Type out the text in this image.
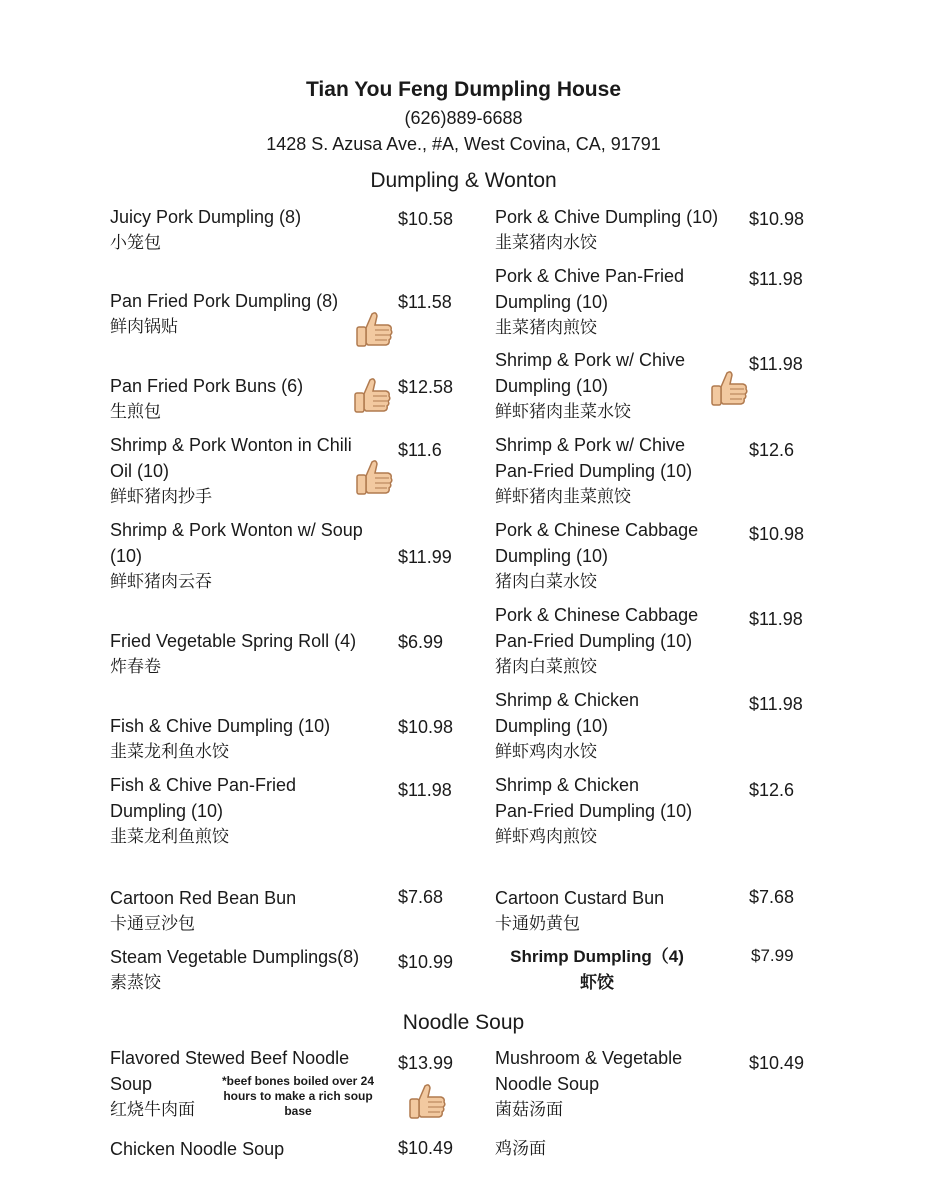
Tian You Feng Dumpling House
(626)889-6688
1428 S. Azusa Ave., #A, West Covina, CA, 91791
Dumpling & Wonton
Juicy Pork Dumpling (8)
小笼包
$10.58
Pan Fried Pork Dumpling (8)
鲜肉锅贴
$11.58
Pan Fried Pork Buns (6)
生煎包
$12.58
Shrimp & Pork Wonton in Chili
Oil (10)
鲜虾猪肉抄手
$11.6
Shrimp & Pork Wonton w/ Soup
(10)
鲜虾猪肉云吞
$11.99
Fried Vegetable Spring Roll (4)
炸春卷
$6.99
Fish & Chive Dumpling (10)
韭菜龙利鱼水饺
$10.98
Fish & Chive Pan-Fried
Dumpling (10)
韭菜龙利鱼煎饺
$11.98
Cartoon Red Bean Bun
卡通豆沙包
$7.68
Steam Vegetable Dumplings(8)
素蒸饺
$10.99
Pork & Chive Dumpling (10)
韭菜猪肉水饺
$10.98
Pork & Chive Pan-Fried
Dumpling (10)
韭菜猪肉煎饺
$11.98
Shrimp & Pork w/ Chive
Dumpling (10)
鲜虾猪肉韭菜水饺
$11.98
Shrimp & Pork w/ Chive
Pan-Fried Dumpling (10)
鲜虾猪肉韭菜煎饺
$12.6
Pork & Chinese Cabbage
Dumpling (10)
猪肉白菜水饺
$10.98
Pork & Chinese Cabbage
Pan-Fried Dumpling (10)
猪肉白菜煎饺
$11.98
Shrimp & Chicken
Dumpling (10)
鲜虾鸡肉水饺
$11.98
Shrimp & Chicken
Pan-Fried Dumpling (10)
鲜虾鸡肉煎饺
$12.6
Cartoon Custard Bun
卡通奶黄包
$7.68
Shrimp Dumpling（4)
虾饺
$7.99
Noodle Soup
Flavored Stewed Beef Noodle
Soup
红烧牛肉面
*beef bones boiled over 24 hours to make a rich soup base
$13.99
Chicken Noodle Soup	$10.49
Mushroom & Vegetable
Noodle Soup
菌菇汤面
$10.49
鸡汤面
